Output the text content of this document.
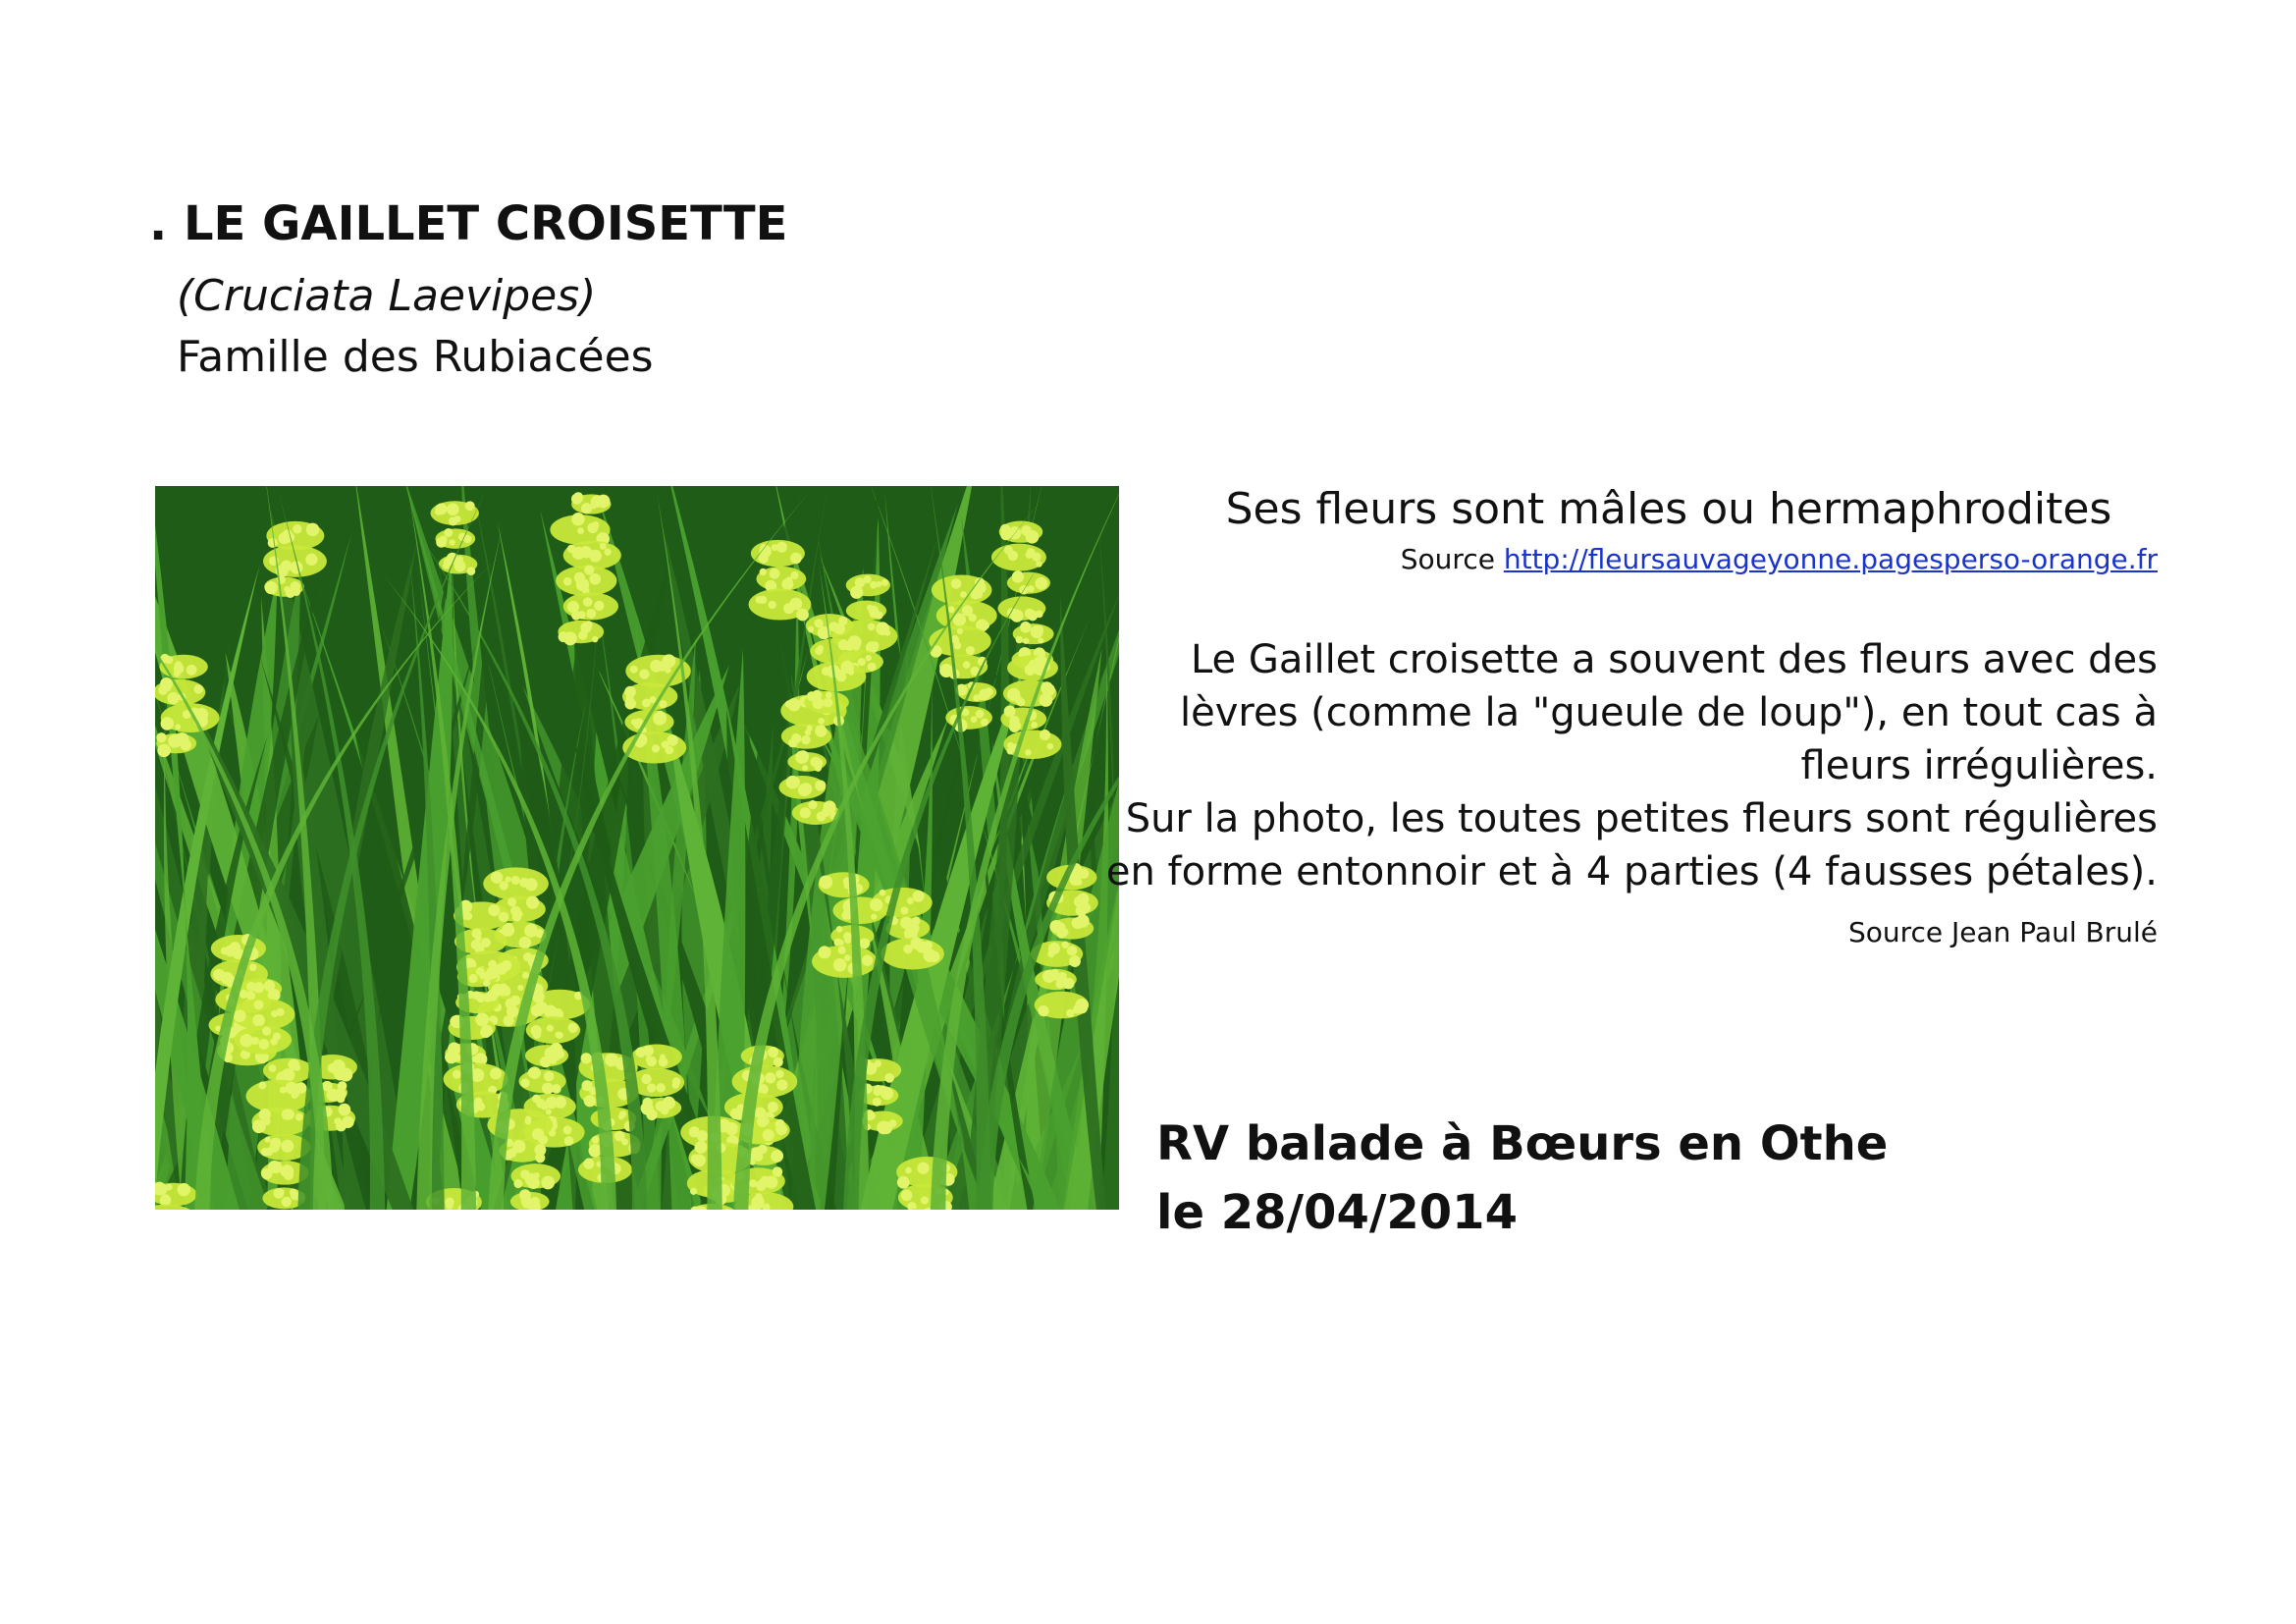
. LE GAILLET CROISETTE
(Cruciata Laevipes)
Famille des Rubiacées
Ses fleurs sont mâles ou hermaphrodites
Source http://fleursauvageyonne.pagesperso-orange.fr
Le Gaillet croisette a souvent des fleurs avec des
lèvres (comme la "gueule de loup"), en tout cas à
fleurs irrégulières.
Sur la photo, les toutes petites fleurs sont régulières
en forme entonnoir et à 4 parties (4 fausses pétales).
Source Jean Paul Brulé
RV balade à Bœurs en Othe
le 28/04/2014
